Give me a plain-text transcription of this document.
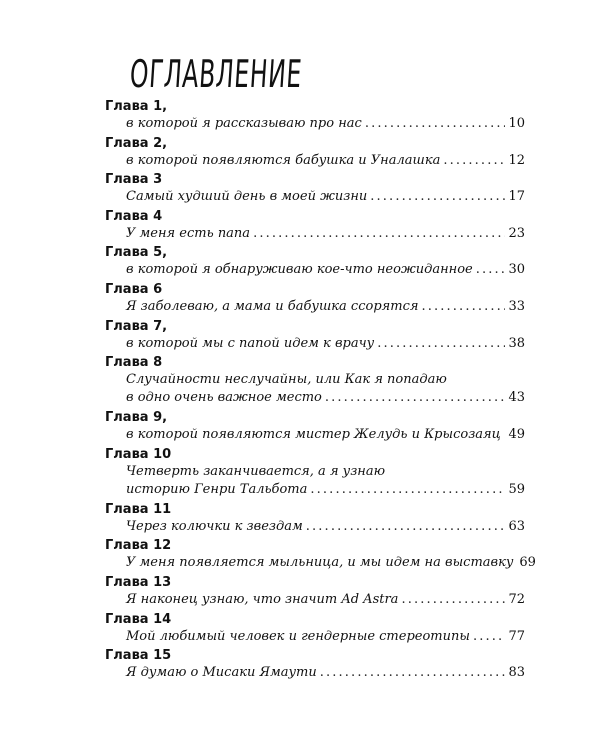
ОГЛАВЛЕНИЕ
Глава 1,
в которой я рассказываю про нас . . .	10
Глава 2,
в которой появляются бабушка и Уналашка . . .	12
Глава 3
Самый худший день в моей жизни . . .	17
Глава 4
У меня есть папа . . .	23
Глава 5,
в которой я обнаруживаю кое-что неожиданное . . .	30
Глава 6
Я заболеваю, а мама и бабушка ссорятся . . .	33
Глава 7,
в которой мы с папой идем к врачу . . .	38
Глава 8
Случайности неслучайны, или Как я попадаю
в одно очень важное место . . .	43
Глава 9,
в которой появляются мистер Желудь и Крысозаяц . . . 49
Глава 10
Четверть заканчивается, а я узнаю
историю Генри Тальбота . . .	59
Глава 11
Через колючки к звездам . . .	63
Глава 12
У меня появляется мыльница, и мы идем на выставку 69
Глава 13
Я наконец узнаю, что значит Ad Astra . . .	72
Глава 14
Мой любимый человек и гендерные стереотипы . . .	77
Глава 15
Я думаю о Мисаки Ямаути . . .	83
